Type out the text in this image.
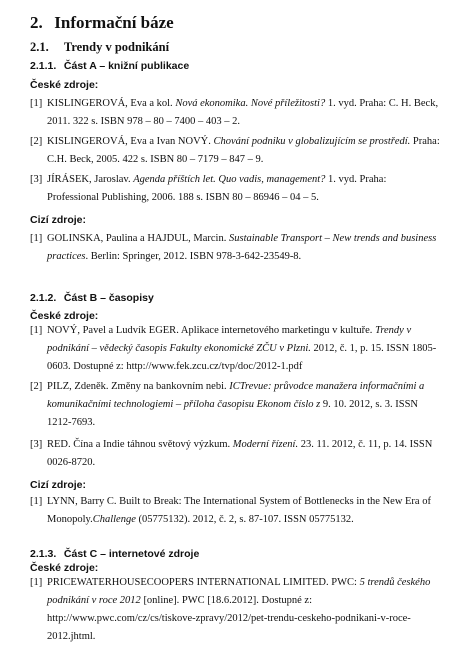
2. Informační báze
2.1. Trendy v podnikání
2.1.1. Část A – knižní publikace
České zdroje:
[1] KISLINGEROVÁ, Eva a kol. Nová ekonomika. Nové příležitosti? 1. vyd. Praha: C. H. Beck, 2011. 322 s. ISBN 978 – 80 – 7400 – 403 – 2.
[2] KISLINGEROVÁ, Eva a Ivan NOVÝ. Chování podniku v globalizujícím se prostředí. Praha: C.H. Beck, 2005. 422 s. ISBN 80 – 7179 – 847 – 9.
[3] JÍRÁSEK, Jaroslav. Agenda příštích let. Quo vadis, management? 1. vyd. Praha: Professional Publishing, 2006. 188 s. ISBN 80 – 86946 – 04 – 5.
Cizí zdroje:
[1] GOLINSKA, Paulina a HAJDUL, Marcin. Sustainable Transport – New trends and business practices. Berlin: Springer, 2012. ISBN 978-3-642-23549-8.
2.1.2. Část B – časopisy
České zdroje:
[1] NOVÝ, Pavel a Ludvík EGER. Aplikace internetového marketingu v kultuře. Trendy v podnikání – vědecký časopis Fakulty ekonomické ZČU v Plzni. 2012, č. 1, p. 15. ISSN 1805-0603. Dostupné z: http://www.fek.zcu.cz/tvp/doc/2012-1.pdf
[2] PILZ, Zdeněk. Změny na bankovním nebi. ICTrevue: průvodce manažera informačními a komunikačními technologiemi – příloha časopisu Ekonom číslo z 9. 10. 2012, s. 3. ISSN 1212-7693.
[3] RED. Čína a Indie táhnou světový výzkum. Moderní řízení. 23. 11. 2012, č. 11, p. 14. ISSN 0026-8720.
Cizí zdroje:
[1] LYNN, Barry C. Built to Break: The International System of Bottlenecks in the New Era of Monopoly.Challenge (05775132). 2012, č. 2, s. 87-107. ISSN 05775132.
2.1.3. Část C – internetové zdroje
České zdroje:
[1] PRICEWATERHOUSECOOPERS INTERNATIONAL LIMITED. PWC: 5 trendů českého podnikání v roce 2012 [online]. PWC [18.6.2012]. Dostupné z: http://www.pwc.com/cz/cs/tiskove-zpravy/2012/pet-trendu-ceskeho-podnikani-v-roce-2012.jhtml.
